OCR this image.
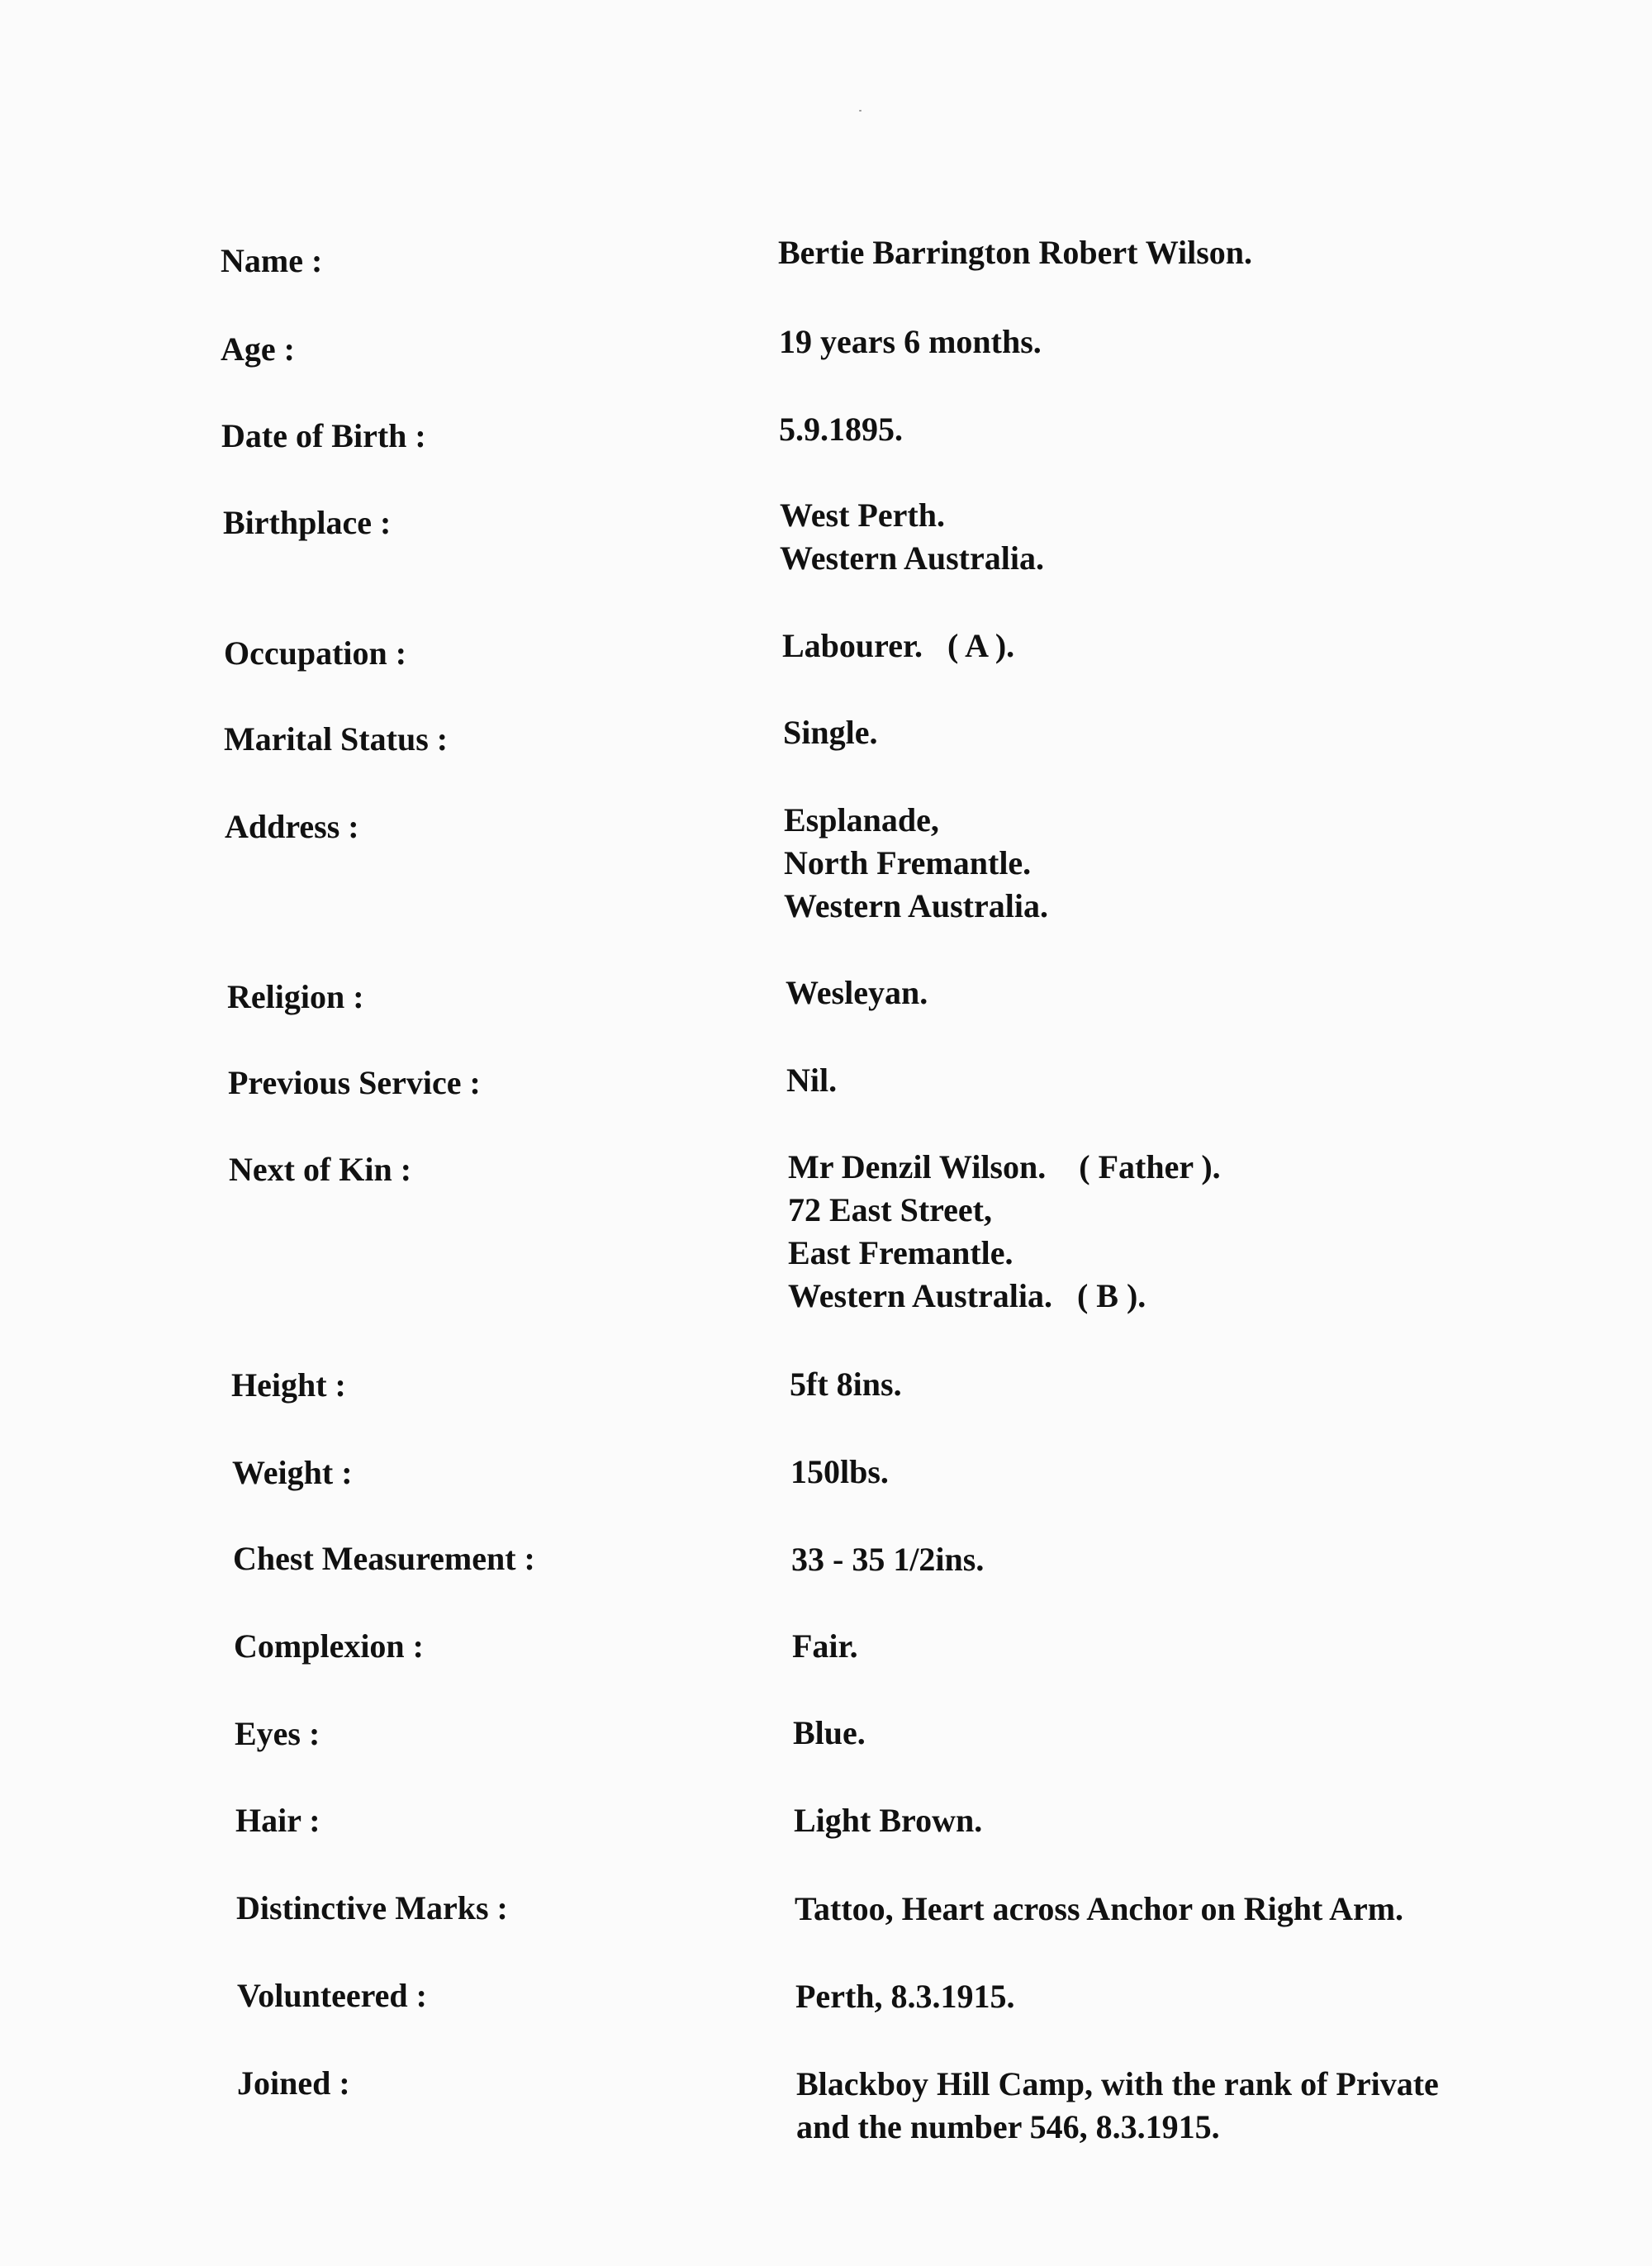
Name :	Bertie Barrington Robert Wilson.
Age :	19 years 6 months.
Date of Birth :	5.9.1895.
Birthplace :	West Perth.
Western Australia.
Occupation :	Labourer.   ( A ).
Marital Status :	Single.
Address :	Esplanade,
North Fremantle.
Western Australia.
Religion :	Wesleyan.
Previous Service :	Nil.
Next of Kin :	Mr Denzil Wilson.    ( Father ).
72 East Street,
East Fremantle.
Western Australia.   ( B ).
Height :	5ft 8ins.
Weight :	150lbs.
Chest Measurement :	33 - 35 1/2ins.
Complexion :	Fair.
Eyes :	Blue.
Hair :	Light Brown.
Distinctive Marks :	Tattoo, Heart across Anchor on Right Arm.
Volunteered :	Perth, 8.3.1915.
Joined :	Blackboy Hill Camp, with the rank of Private
and the number 546, 8.3.1915.
